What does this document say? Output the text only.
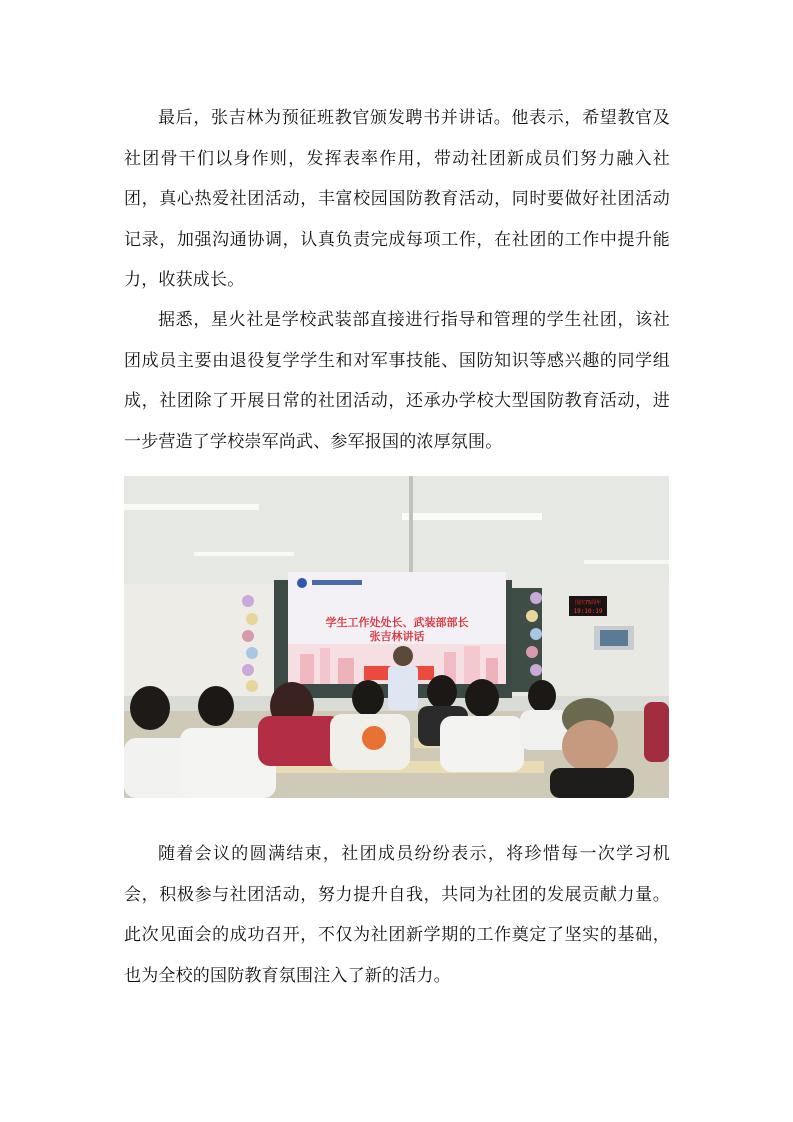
最后，张吉林为预征班教官颁发聘书并讲话。他表示，希望教官及社团骨干们以身作则，发挥表率作用，带动社团新成员们努力融入社团，真心热爱社团活动，丰富校园国防教育活动，同时要做好社团活动记录，加强沟通协调，认真负责完成每项工作，在社团的工作中提升能力，收获成长。

据悉，星火社是学校武装部直接进行指导和管理的学生社团，该社团成员主要由退役复学学生和对军事技能、国防知识等感兴趣的同学组成，社团除了开展日常的社团活动，还承办学校大型国防教育活动，进一步营造了学校崇军尚武、参军报国的浓厚氛围。

学生工作处处长、武装部部长
张吉林讲话
国庆75周年
19:10:19

随着会议的圆满结束，社团成员纷纷表示，将珍惜每一次学习机会，积极参与社团活动，努力提升自我，共同为社团的发展贡献力量。此次见面会的成功召开，不仅为社团新学期的工作奠定了坚实的基础，也为全校的国防教育氛围注入了新的活力。
